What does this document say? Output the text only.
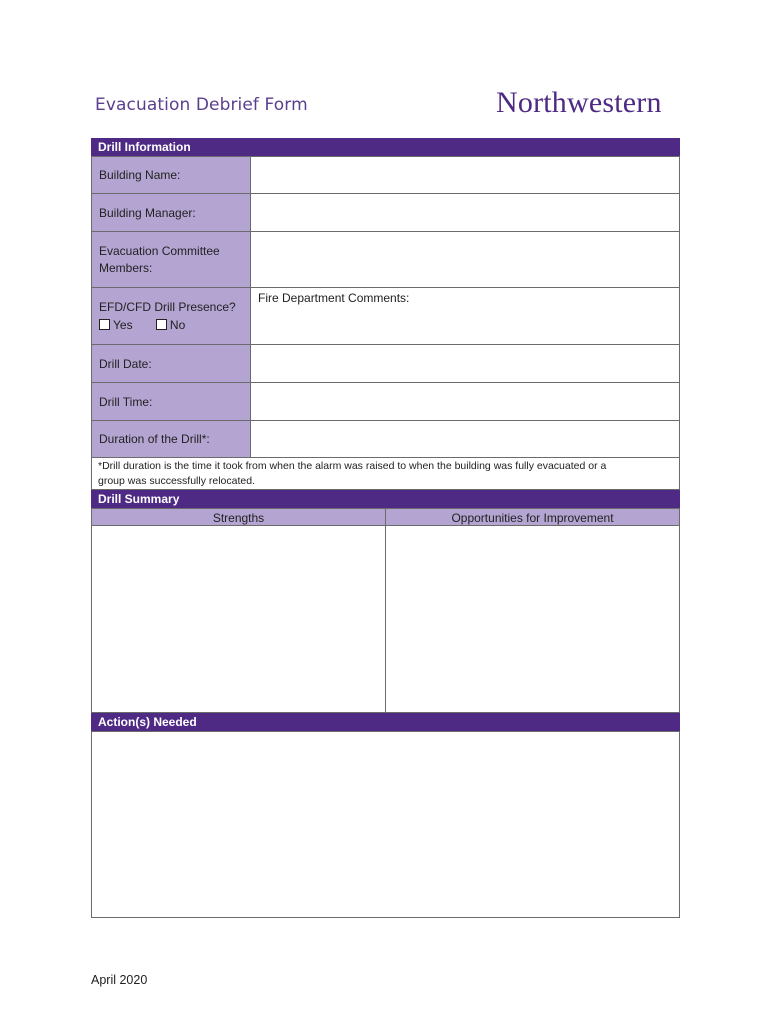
Evacuation Debrief Form	Northwestern
Drill Information
Building Name:	
Building Manager:	

Evacuation Committee
Members:	

EFD/CFD Drill Presence?
Yes No	Fire Department Comments:
Drill Date:	
Drill Time:	
Duration of the Drill*:	
*Drill duration is the time it took from when the alarm was raised to when the building was fully evacuated or a
group was successfully relocated.
Drill Summary
Strengths	Opportunities for Improvement
Action(s) Needed
April 2020
